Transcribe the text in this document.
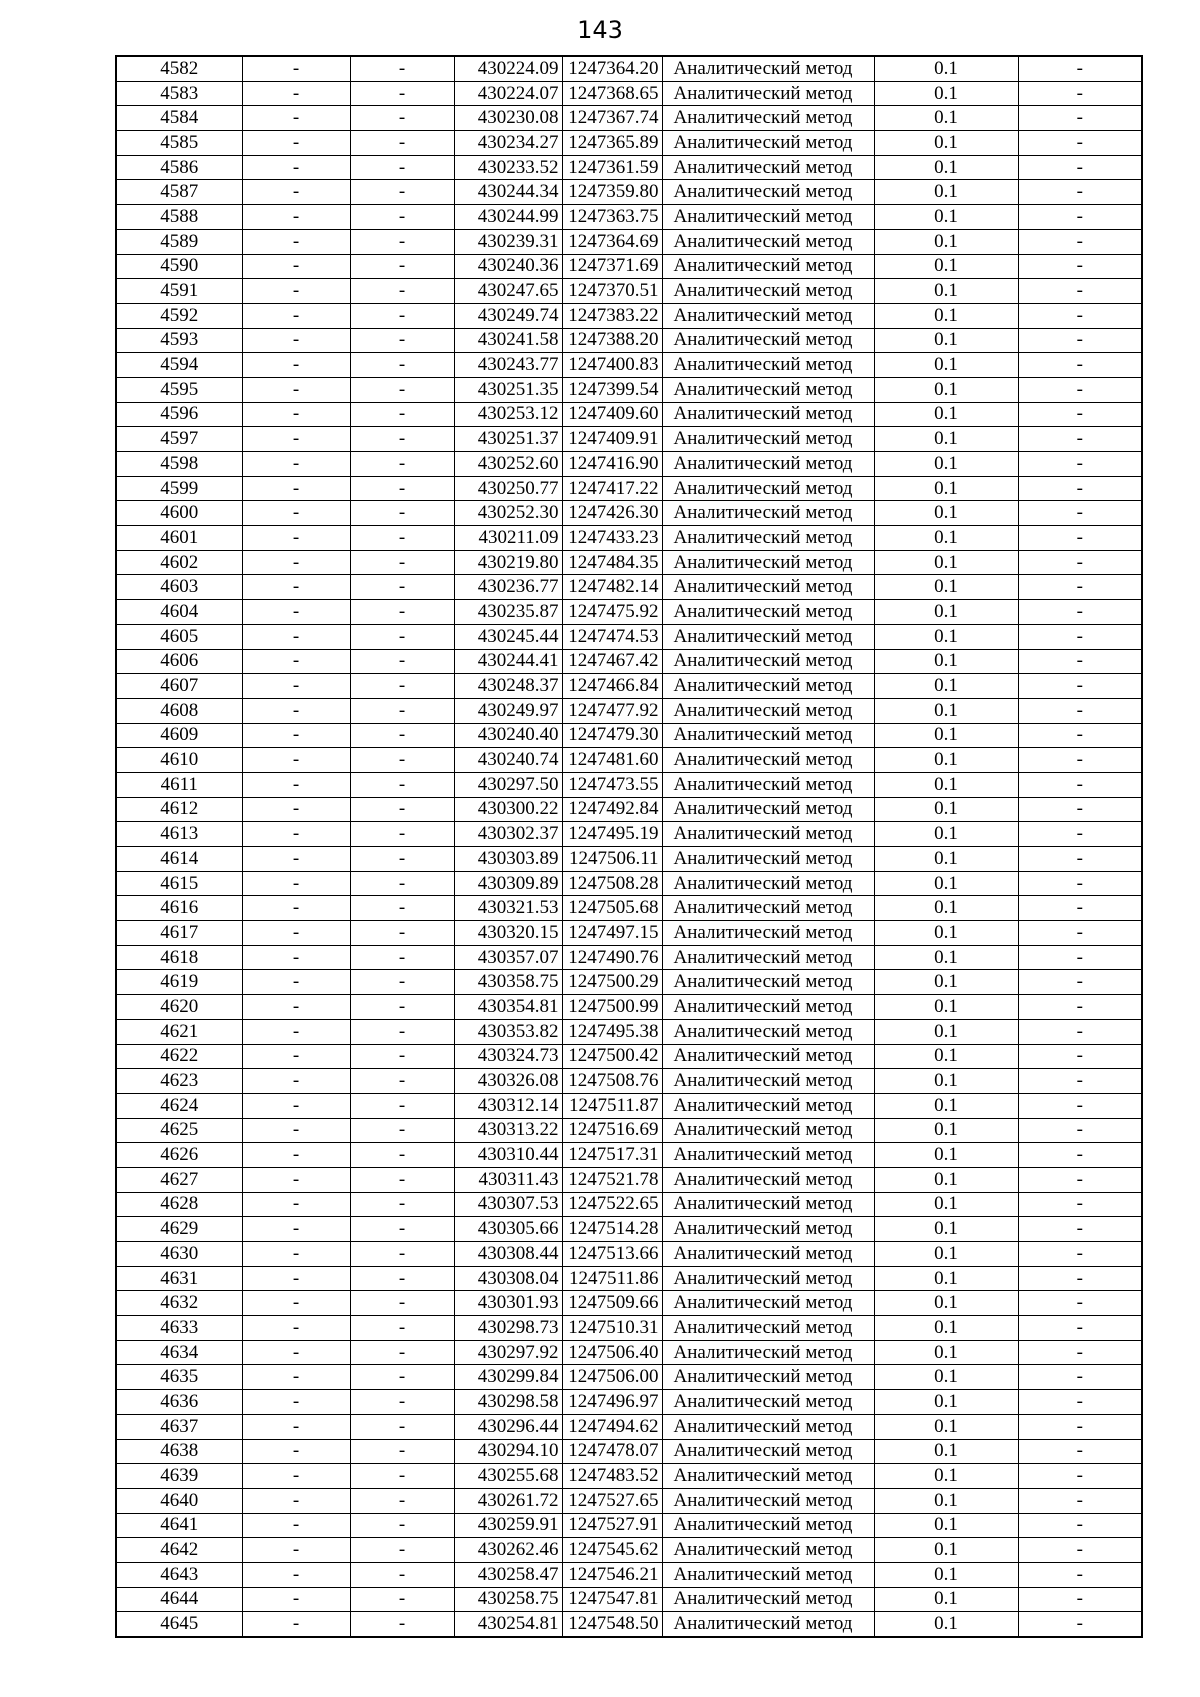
143
4582	-	-	430224.09	1247364.20	Аналитический метод	0.1	-
4583	-	-	430224.07	1247368.65	Аналитический метод	0.1	-
4584	-	-	430230.08	1247367.74	Аналитический метод	0.1	-
4585	-	-	430234.27	1247365.89	Аналитический метод	0.1	-
4586	-	-	430233.52	1247361.59	Аналитический метод	0.1	-
4587	-	-	430244.34	1247359.80	Аналитический метод	0.1	-
4588	-	-	430244.99	1247363.75	Аналитический метод	0.1	-
4589	-	-	430239.31	1247364.69	Аналитический метод	0.1	-
4590	-	-	430240.36	1247371.69	Аналитический метод	0.1	-
4591	-	-	430247.65	1247370.51	Аналитический метод	0.1	-
4592	-	-	430249.74	1247383.22	Аналитический метод	0.1	-
4593	-	-	430241.58	1247388.20	Аналитический метод	0.1	-
4594	-	-	430243.77	1247400.83	Аналитический метод	0.1	-
4595	-	-	430251.35	1247399.54	Аналитический метод	0.1	-
4596	-	-	430253.12	1247409.60	Аналитический метод	0.1	-
4597	-	-	430251.37	1247409.91	Аналитический метод	0.1	-
4598	-	-	430252.60	1247416.90	Аналитический метод	0.1	-
4599	-	-	430250.77	1247417.22	Аналитический метод	0.1	-
4600	-	-	430252.30	1247426.30	Аналитический метод	0.1	-
4601	-	-	430211.09	1247433.23	Аналитический метод	0.1	-
4602	-	-	430219.80	1247484.35	Аналитический метод	0.1	-
4603	-	-	430236.77	1247482.14	Аналитический метод	0.1	-
4604	-	-	430235.87	1247475.92	Аналитический метод	0.1	-
4605	-	-	430245.44	1247474.53	Аналитический метод	0.1	-
4606	-	-	430244.41	1247467.42	Аналитический метод	0.1	-
4607	-	-	430248.37	1247466.84	Аналитический метод	0.1	-
4608	-	-	430249.97	1247477.92	Аналитический метод	0.1	-
4609	-	-	430240.40	1247479.30	Аналитический метод	0.1	-
4610	-	-	430240.74	1247481.60	Аналитический метод	0.1	-
4611	-	-	430297.50	1247473.55	Аналитический метод	0.1	-
4612	-	-	430300.22	1247492.84	Аналитический метод	0.1	-
4613	-	-	430302.37	1247495.19	Аналитический метод	0.1	-
4614	-	-	430303.89	1247506.11	Аналитический метод	0.1	-
4615	-	-	430309.89	1247508.28	Аналитический метод	0.1	-
4616	-	-	430321.53	1247505.68	Аналитический метод	0.1	-
4617	-	-	430320.15	1247497.15	Аналитический метод	0.1	-
4618	-	-	430357.07	1247490.76	Аналитический метод	0.1	-
4619	-	-	430358.75	1247500.29	Аналитический метод	0.1	-
4620	-	-	430354.81	1247500.99	Аналитический метод	0.1	-
4621	-	-	430353.82	1247495.38	Аналитический метод	0.1	-
4622	-	-	430324.73	1247500.42	Аналитический метод	0.1	-
4623	-	-	430326.08	1247508.76	Аналитический метод	0.1	-
4624	-	-	430312.14	1247511.87	Аналитический метод	0.1	-
4625	-	-	430313.22	1247516.69	Аналитический метод	0.1	-
4626	-	-	430310.44	1247517.31	Аналитический метод	0.1	-
4627	-	-	430311.43	1247521.78	Аналитический метод	0.1	-
4628	-	-	430307.53	1247522.65	Аналитический метод	0.1	-
4629	-	-	430305.66	1247514.28	Аналитический метод	0.1	-
4630	-	-	430308.44	1247513.66	Аналитический метод	0.1	-
4631	-	-	430308.04	1247511.86	Аналитический метод	0.1	-
4632	-	-	430301.93	1247509.66	Аналитический метод	0.1	-
4633	-	-	430298.73	1247510.31	Аналитический метод	0.1	-
4634	-	-	430297.92	1247506.40	Аналитический метод	0.1	-
4635	-	-	430299.84	1247506.00	Аналитический метод	0.1	-
4636	-	-	430298.58	1247496.97	Аналитический метод	0.1	-
4637	-	-	430296.44	1247494.62	Аналитический метод	0.1	-
4638	-	-	430294.10	1247478.07	Аналитический метод	0.1	-
4639	-	-	430255.68	1247483.52	Аналитический метод	0.1	-
4640	-	-	430261.72	1247527.65	Аналитический метод	0.1	-
4641	-	-	430259.91	1247527.91	Аналитический метод	0.1	-
4642	-	-	430262.46	1247545.62	Аналитический метод	0.1	-
4643	-	-	430258.47	1247546.21	Аналитический метод	0.1	-
4644	-	-	430258.75	1247547.81	Аналитический метод	0.1	-
4645	-	-	430254.81	1247548.50	Аналитический метод	0.1	-
